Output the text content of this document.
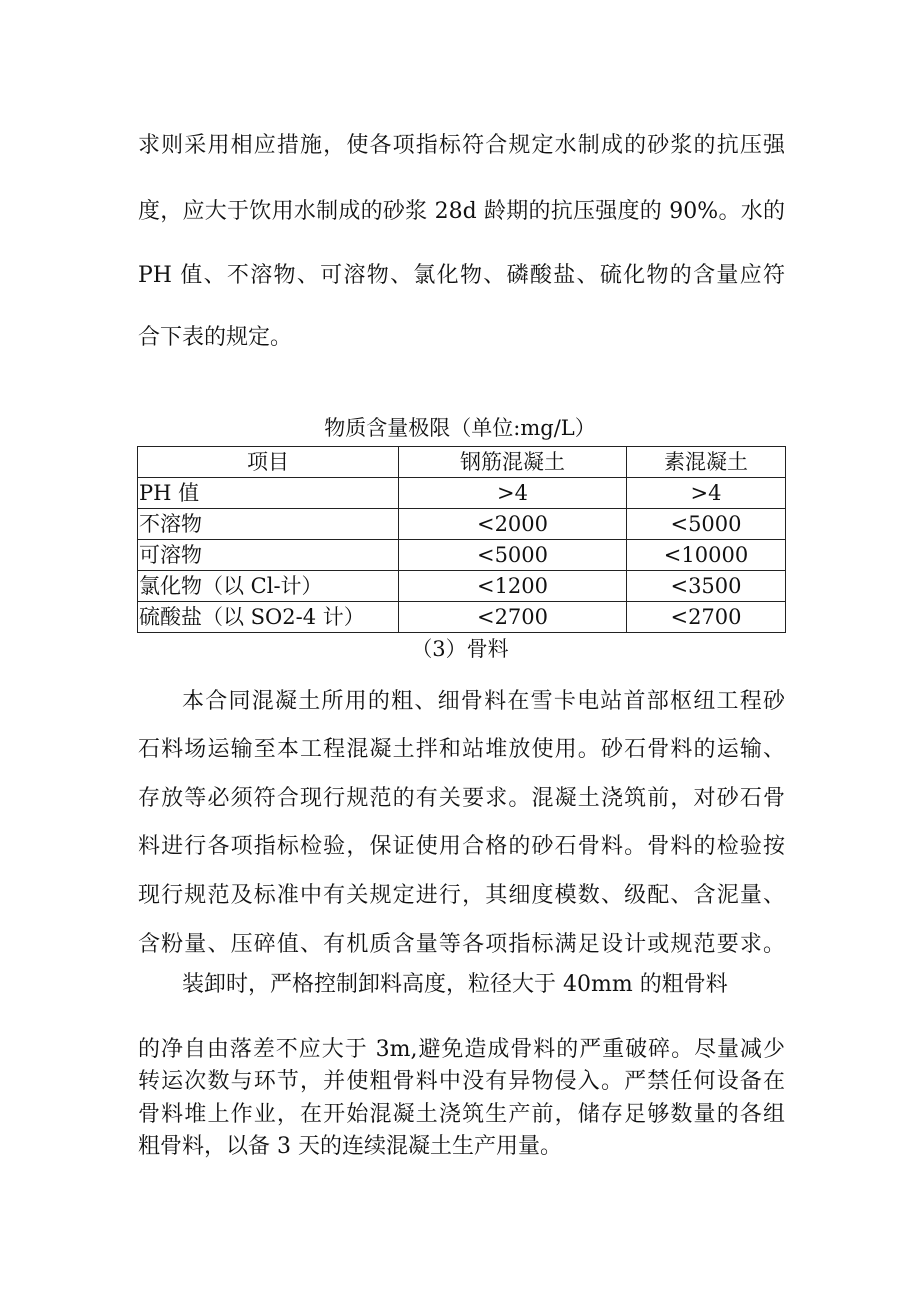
求则采用相应措施，使各项指标符合规定水制成的砂浆的抗压强
度，应大于饮用水制成的砂浆 28d 龄期的抗压强度的 90%。水的
PH 值、不溶物、可溶物、氯化物、磷酸盐、硫化物的含量应符
合下表的规定。
物质含量极限（单位:mg/L）
项目	钢筋混凝土	素混凝土
PH 值	>4	>4
不溶物	<2000	<5000
可溶物	<5000	<10000
氯化物（以 Cl-计）	<1200	<3500
硫酸盐（以 SO2-4 计）	<2700	<2700
（3）骨料
本合同混凝土所用的粗、细骨料在雪卡电站首部枢纽工程砂
石料场运输至本工程混凝土拌和站堆放使用。砂石骨料的运输、
存放等必须符合现行规范的有关要求。混凝土浇筑前，对砂石骨
料进行各项指标检验，保证使用合格的砂石骨料。骨料的检验按
现行规范及标准中有关规定进行，其细度模数、级配、含泥量、
含粉量、压碎值、有机质含量等各项指标满足设计或规范要求。
装卸时，严格控制卸料高度，粒径大于 40mm 的粗骨料
的净自由落差不应大于 3m,避免造成骨料的严重破碎。尽量减少
转运次数与环节，并使粗骨料中没有异物侵入。严禁任何设备在
骨料堆上作业，在开始混凝土浇筑生产前，储存足够数量的各组
粗骨料，以备 3 天的连续混凝土生产用量。
